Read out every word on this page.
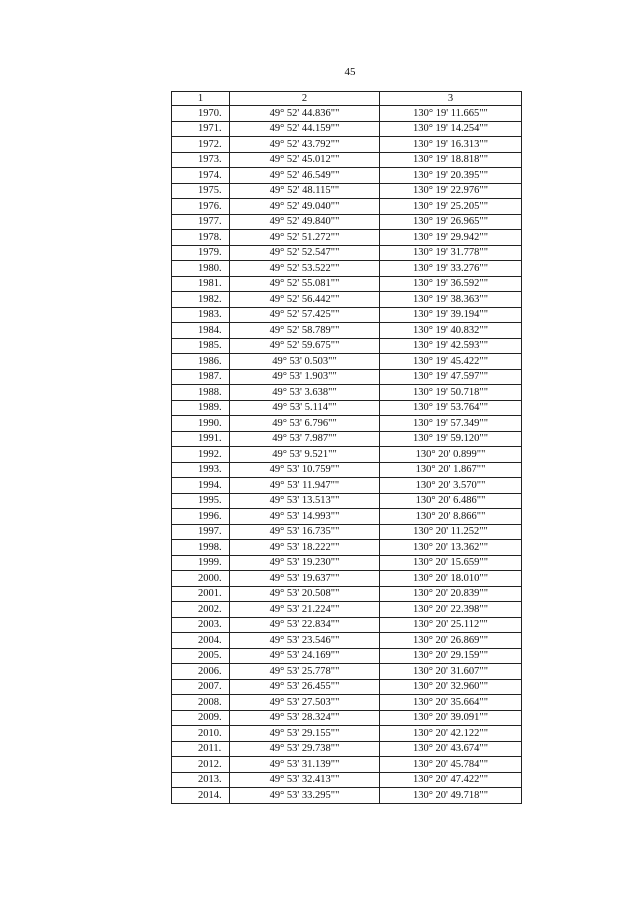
45
1	2	3
1970.	49° 52' 44.836""	130° 19' 11.665""
1971.	49° 52' 44.159""	130° 19' 14.254""
1972.	49° 52' 43.792""	130° 19' 16.313""
1973.	49° 52' 45.012""	130° 19' 18.818""
1974.	49° 52' 46.549""	130° 19' 20.395""
1975.	49° 52' 48.115""	130° 19' 22.976""
1976.	49° 52' 49.040""	130° 19' 25.205""
1977.	49° 52' 49.840""	130° 19' 26.965""
1978.	49° 52' 51.272""	130° 19' 29.942""
1979.	49° 52' 52.547""	130° 19' 31.778""
1980.	49° 52' 53.522""	130° 19' 33.276""
1981.	49° 52' 55.081""	130° 19' 36.592""
1982.	49° 52' 56.442""	130° 19' 38.363""
1983.	49° 52' 57.425""	130° 19' 39.194""
1984.	49° 52' 58.789""	130° 19' 40.832""
1985.	49° 52' 59.675""	130° 19' 42.593""
1986.	49° 53' 0.503""	130° 19' 45.422""
1987.	49° 53' 1.903""	130° 19' 47.597""
1988.	49° 53' 3.638""	130° 19' 50.718""
1989.	49° 53' 5.114""	130° 19' 53.764""
1990.	49° 53' 6.796""	130° 19' 57.349""
1991.	49° 53' 7.987""	130° 19' 59.120""
1992.	49° 53' 9.521""	130° 20' 0.899""
1993.	49° 53' 10.759""	130° 20' 1.867""
1994.	49° 53' 11.947""	130° 20' 3.570""
1995.	49° 53' 13.513""	130° 20' 6.486""
1996.	49° 53' 14.993""	130° 20' 8.866""
1997.	49° 53' 16.735""	130° 20' 11.252""
1998.	49° 53' 18.222""	130° 20' 13.362""
1999.	49° 53' 19.230""	130° 20' 15.659""
2000.	49° 53' 19.637""	130° 20' 18.010""
2001.	49° 53' 20.508""	130° 20' 20.839""
2002.	49° 53' 21.224""	130° 20' 22.398""
2003.	49° 53' 22.834""	130° 20' 25.112""
2004.	49° 53' 23.546""	130° 20' 26.869""
2005.	49° 53' 24.169""	130° 20' 29.159""
2006.	49° 53' 25.778""	130° 20' 31.607""
2007.	49° 53' 26.455""	130° 20' 32.960""
2008.	49° 53' 27.503""	130° 20' 35.664""
2009.	49° 53' 28.324""	130° 20' 39.091""
2010.	49° 53' 29.155""	130° 20' 42.122""
2011.	49° 53' 29.738""	130° 20' 43.674""
2012.	49° 53' 31.139""	130° 20' 45.784""
2013.	49° 53' 32.413""	130° 20' 47.422""
2014.	49° 53' 33.295""	130° 20' 49.718""
